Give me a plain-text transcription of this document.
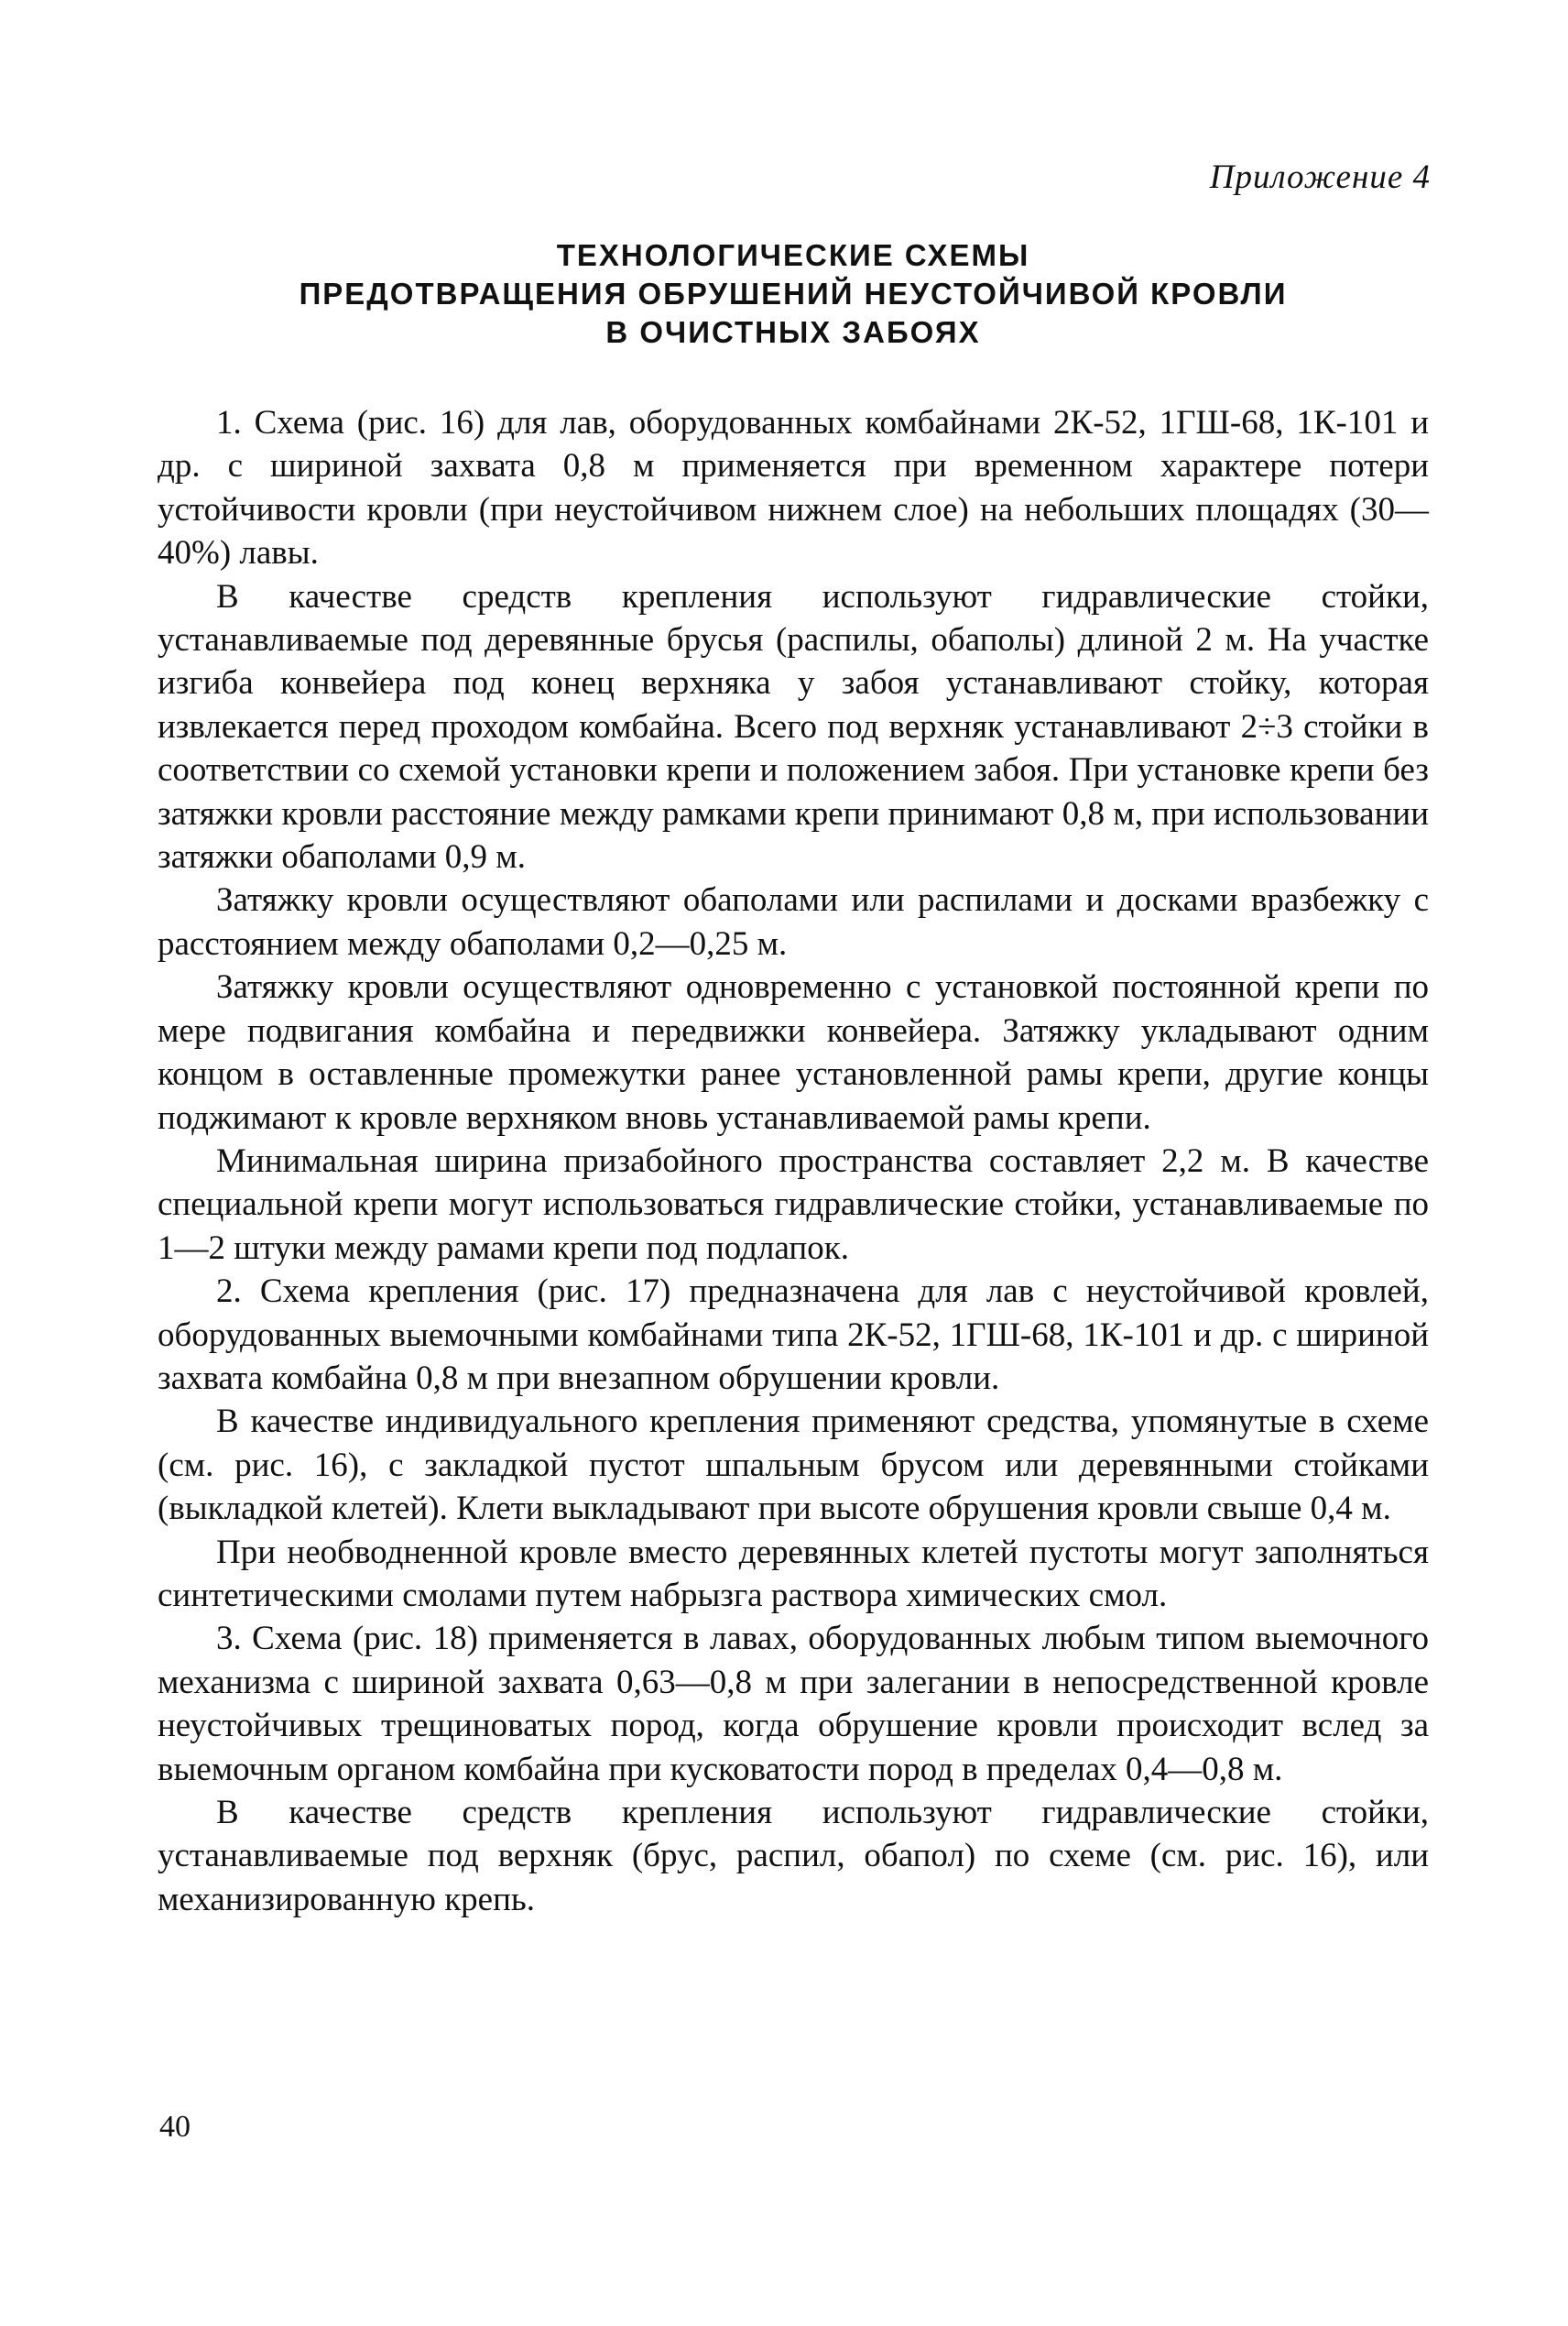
Приложение 4
ТЕХНОЛОГИЧЕСКИЕ СХЕМЫ
ПРЕДОТВРАЩЕНИЯ ОБРУШЕНИЙ НЕУСТОЙЧИВОЙ КРОВЛИ
В ОЧИСТНЫХ ЗАБОЯХ

1. Схема (рис. 16) для лав, оборудованных комбайнами 2К-52, 1ГШ-68, 1К-101 и др. с шириной захвата 0,8 м применяется при временном характере потери устойчивости кровли (при неустойчивом нижнем слое) на небольших площадях (30—40%) лавы.

В качестве средств крепления используют гидравлические стойки, устанавливаемые под деревянные брусья (распилы, обаполы) длиной 2 м. На участке изгиба конвейера под конец верхняка у забоя устанавливают стойку, которая извлекается перед проходом комбайна. Всего под верхняк устанавливают 2÷3 стойки в соответствии со схемой установки крепи и положением забоя. При установке крепи без затяжки кровли расстояние между рамками крепи принимают 0,8 м, при использовании затяжки обаполами 0,9 м.

Затяжку кровли осуществляют обаполами или распилами и досками вразбежку с расстоянием между обаполами 0,2—0,25 м.

Затяжку кровли осуществляют одновременно с установкой постоянной крепи по мере подвигания комбайна и передвижки конвейера. Затяжку укладывают одним концом в оставленные промежутки ранее установленной рамы крепи, другие концы поджимают к кровле верхняком вновь устанавливаемой рамы крепи.

Минимальная ширина призабойного пространства составляет 2,2 м. В качестве специальной крепи могут использоваться гидравлические стойки, устанавливаемые по 1—2 штуки между рамами крепи под подлапок.

2. Схема крепления (рис. 17) предназначена для лав с неустойчивой кровлей, оборудованных выемочными комбайнами типа 2К-52, 1ГШ-68, 1К-101 и др. с шириной захвата комбайна 0,8 м при внезапном обрушении кровли.

В качестве индивидуального крепления применяют средства, упомянутые в схеме (см. рис. 16), с закладкой пустот шпальным брусом или деревянными стойками (выкладкой клетей). Клети выкладывают при высоте обрушения кровли свыше 0,4 м.

При необводненной кровле вместо деревянных клетей пустоты могут заполняться синтетическими смолами путем набрызга раствора химических смол.

3. Схема (рис. 18) применяется в лавах, оборудованных любым типом выемочного механизма с шириной захвата 0,63—0,8 м при залегании в непосредственной кровле неустойчивых трещиноватых пород, когда обрушение кровли происходит вслед за выемочным органом комбайна при кусковатости пород в пределах 0,4—0,8 м.

В качестве средств крепления используют гидравлические стойки, устанавливаемые под верхняк (брус, распил, обапол) по схеме (см. рис. 16), или механизированную крепь.

40
